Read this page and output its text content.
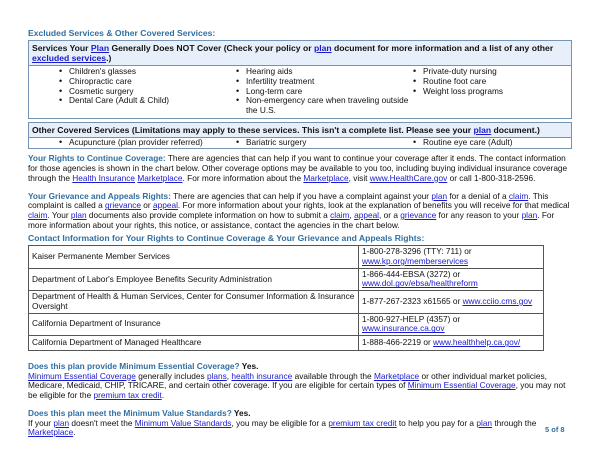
Excluded Services & Other Covered Services:
Services Your Plan Generally Does NOT Cover (Check your policy or plan document for more information and a list of any other excluded services.)
• Children's glasses
• Chiropractic care
• Cosmetic surgery
• Dental Care (Adult & Child)
• Hearing aids
• Infertility treatment
• Long-term care
• Non-emergency care when traveling outside the U.S.
• Private-duty nursing
• Routine foot care
• Weight loss programs
Other Covered Services (Limitations may apply to these services. This isn't a complete list. Please see your plan document.)
• Acupuncture (plan provider referred)	• Bariatric surgery	• Routine eye care (Adult)

Your Rights to Continue Coverage: There are agencies that can help if you want to continue your coverage after it ends. The contact information for those agencies is shown in the chart below. Other coverage options may be available to you too, including buying individual insurance coverage through the Health Insurance Marketplace. For more information about the Marketplace, visit www.HealthCare.gov or call 1-800-318-2596.

Your Grievance and Appeals Rights: There are agencies that can help if you have a complaint against your plan for a denial of a claim. This complaint is called a grievance or appeal. For more information about your rights, look at the explanation of benefits you will receive for that medical claim. Your plan documents also provide complete information on how to submit a claim, appeal, or a grievance for any reason to your plan. For more information about your rights, this notice, or assistance, contact the agencies in the chart below.

Contact Information for Your Rights to Continue Coverage & Your Grievance and Appeals Rights:
Kaiser Permanente Member Services	1-800-278-3296 (TTY: 711) or www.kp.org/memberservices
Department of Labor's Employee Benefits Security Administration	1-866-444-EBSA (3272) or www.dol.gov/ebsa/healthreform
Department of Health & Human Services, Center for Consumer Information & Insurance Oversight	1-877-267-2323 x61565 or www.cciio.cms.gov
California Department of Insurance	1-800-927-HELP (4357) or www.insurance.ca.gov
California Department of Managed Healthcare	1-888-466-2219 or www.healthhelp.ca.gov/

Does this plan provide Minimum Essential Coverage? Yes.
Minimum Essential Coverage generally includes plans, health insurance available through the Marketplace or other individual market policies, Medicare, Medicaid, CHIP, TRICARE, and certain other coverage. If you are eligible for certain types of Minimum Essential Coverage, you may not be eligible for the premium tax credit.

Does this plan meet the Minimum Value Standards? Yes.
If your plan doesn't meet the Minimum Value Standards, you may be eligible for a premium tax credit to help you pay for a plan through the Marketplace.	5 of 8
